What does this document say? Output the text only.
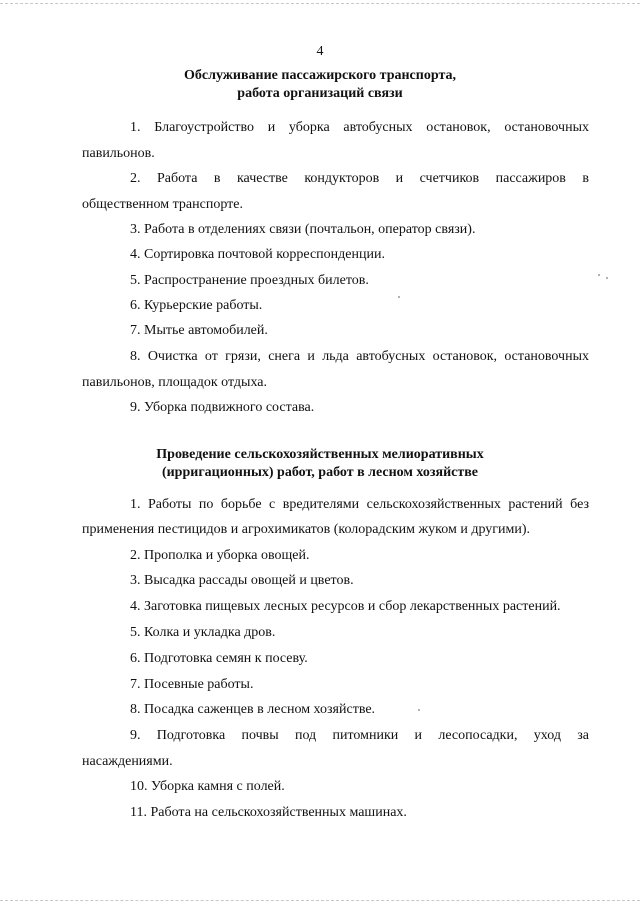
4
Обслуживание пассажирского транспорта,
работа организаций связи
1. Благоустройство и уборка автобусных остановок, остановочных
павильонов.
2. Работа в качестве кондукторов и счетчиков пассажиров в
общественном транспорте.
3. Работа в отделениях связи (почтальон, оператор связи).
4. Сортировка почтовой корреспонденции.
5. Распространение проездных билетов.
6. Курьерские работы.
7. Мытье автомобилей.
8. Очистка от грязи, снега и льда автобусных остановок, остановочных
павильонов, площадок отдыха.
9. Уборка подвижного состава.
Проведение сельскохозяйственных мелиоративных
(ирригационных) работ, работ в лесном хозяйстве
1. Работы по борьбе с вредителями сельскохозяйственных растений без
применения пестицидов и агрохимикатов (колорадским жуком и другими).
2. Прополка и уборка овощей.
3. Высадка рассады овощей и цветов.
4. Заготовка пищевых лесных ресурсов и сбор лекарственных растений.
5. Колка и укладка дров.
6. Подготовка семян к посеву.
7. Посевные работы.
8. Посадка саженцев в лесном хозяйстве.
9. Подготовка почвы под питомники и лесопосадки, уход за
насаждениями.
10. Уборка камня с полей.
11. Работа на сельскохозяйственных машинах.
